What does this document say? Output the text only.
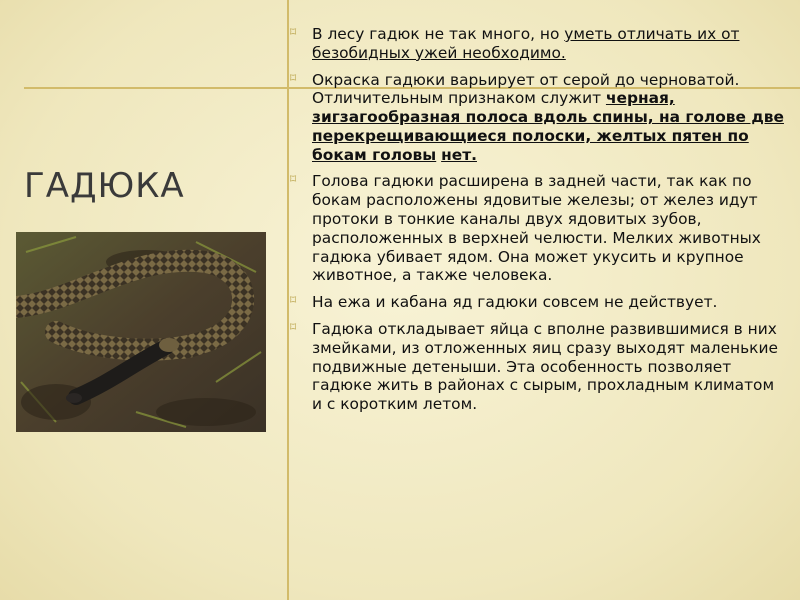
ГАДЮКА
⌑ В лесу гадюк не так много, но уметь отличать их от безобидных ужей необходимо.
⌑ Окраска гадюки варьирует от серой до черноватой. Отличительным признаком служит черная, зигзагообразная полоса вдоль спины, на голове две перекрещивающиеся полоски, желтых пятен по бокам головы нет.
⌑ Голова гадюки расширена в задней части, так как по бокам расположены ядовитые железы; от желез идут протоки в тонкие каналы двух ядовитых зубов, расположенных в верхней челюсти. Мелких животных гадюка убивает ядом. Она может укусить и крупное животное, а также человека.
⌑ На ежа и кабана яд гадюки совсем не действует.
⌑ Гадюка откладывает яйца с вполне развившимися в них змейками, из отложенных яиц сразу выходят маленькие подвижные детеныши. Эта особенность позволяет гадюке жить в районах с сырым, прохладным климатом и с коротким летом.
